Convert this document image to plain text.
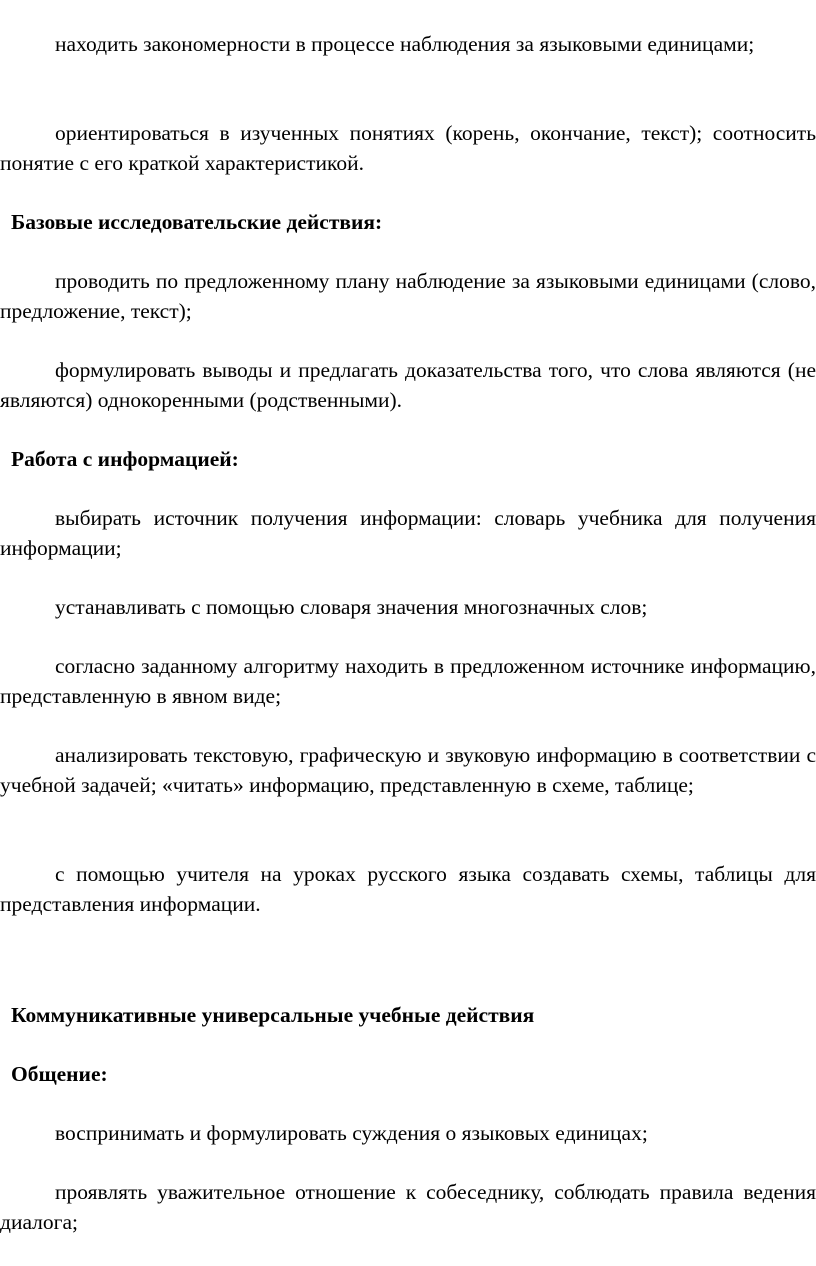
находить закономерности в процессе наблюдения за языковыми единицами;

ориентироваться в изученных понятиях (корень, окончание, текст); соотносить понятие с его краткой характеристикой.

Базовые исследовательские действия:

проводить по предложенному плану наблюдение за языковыми единицами (слово, предложение, текст);

формулировать выводы и предлагать доказательства того, что слова являются (не являются) однокоренными (родственными).

Работа с информацией:

выбирать источник получения информации: словарь учебника для получения информации;

устанавливать с помощью словаря значения многозначных слов;

согласно заданному алгоритму находить в предложенном источнике информацию, представленную в явном виде;

анализировать текстовую, графическую и звуковую информацию в соответствии с учебной задачей; «читать» информацию, представленную в схеме, таблице;

с помощью учителя на уроках русского языка создавать схемы, таблицы для представления информации.

Коммуникативные универсальные учебные действия

Общение:

воспринимать и формулировать суждения о языковых единицах;

проявлять уважительное отношение к собеседнику, соблюдать правила ведения диалога;
